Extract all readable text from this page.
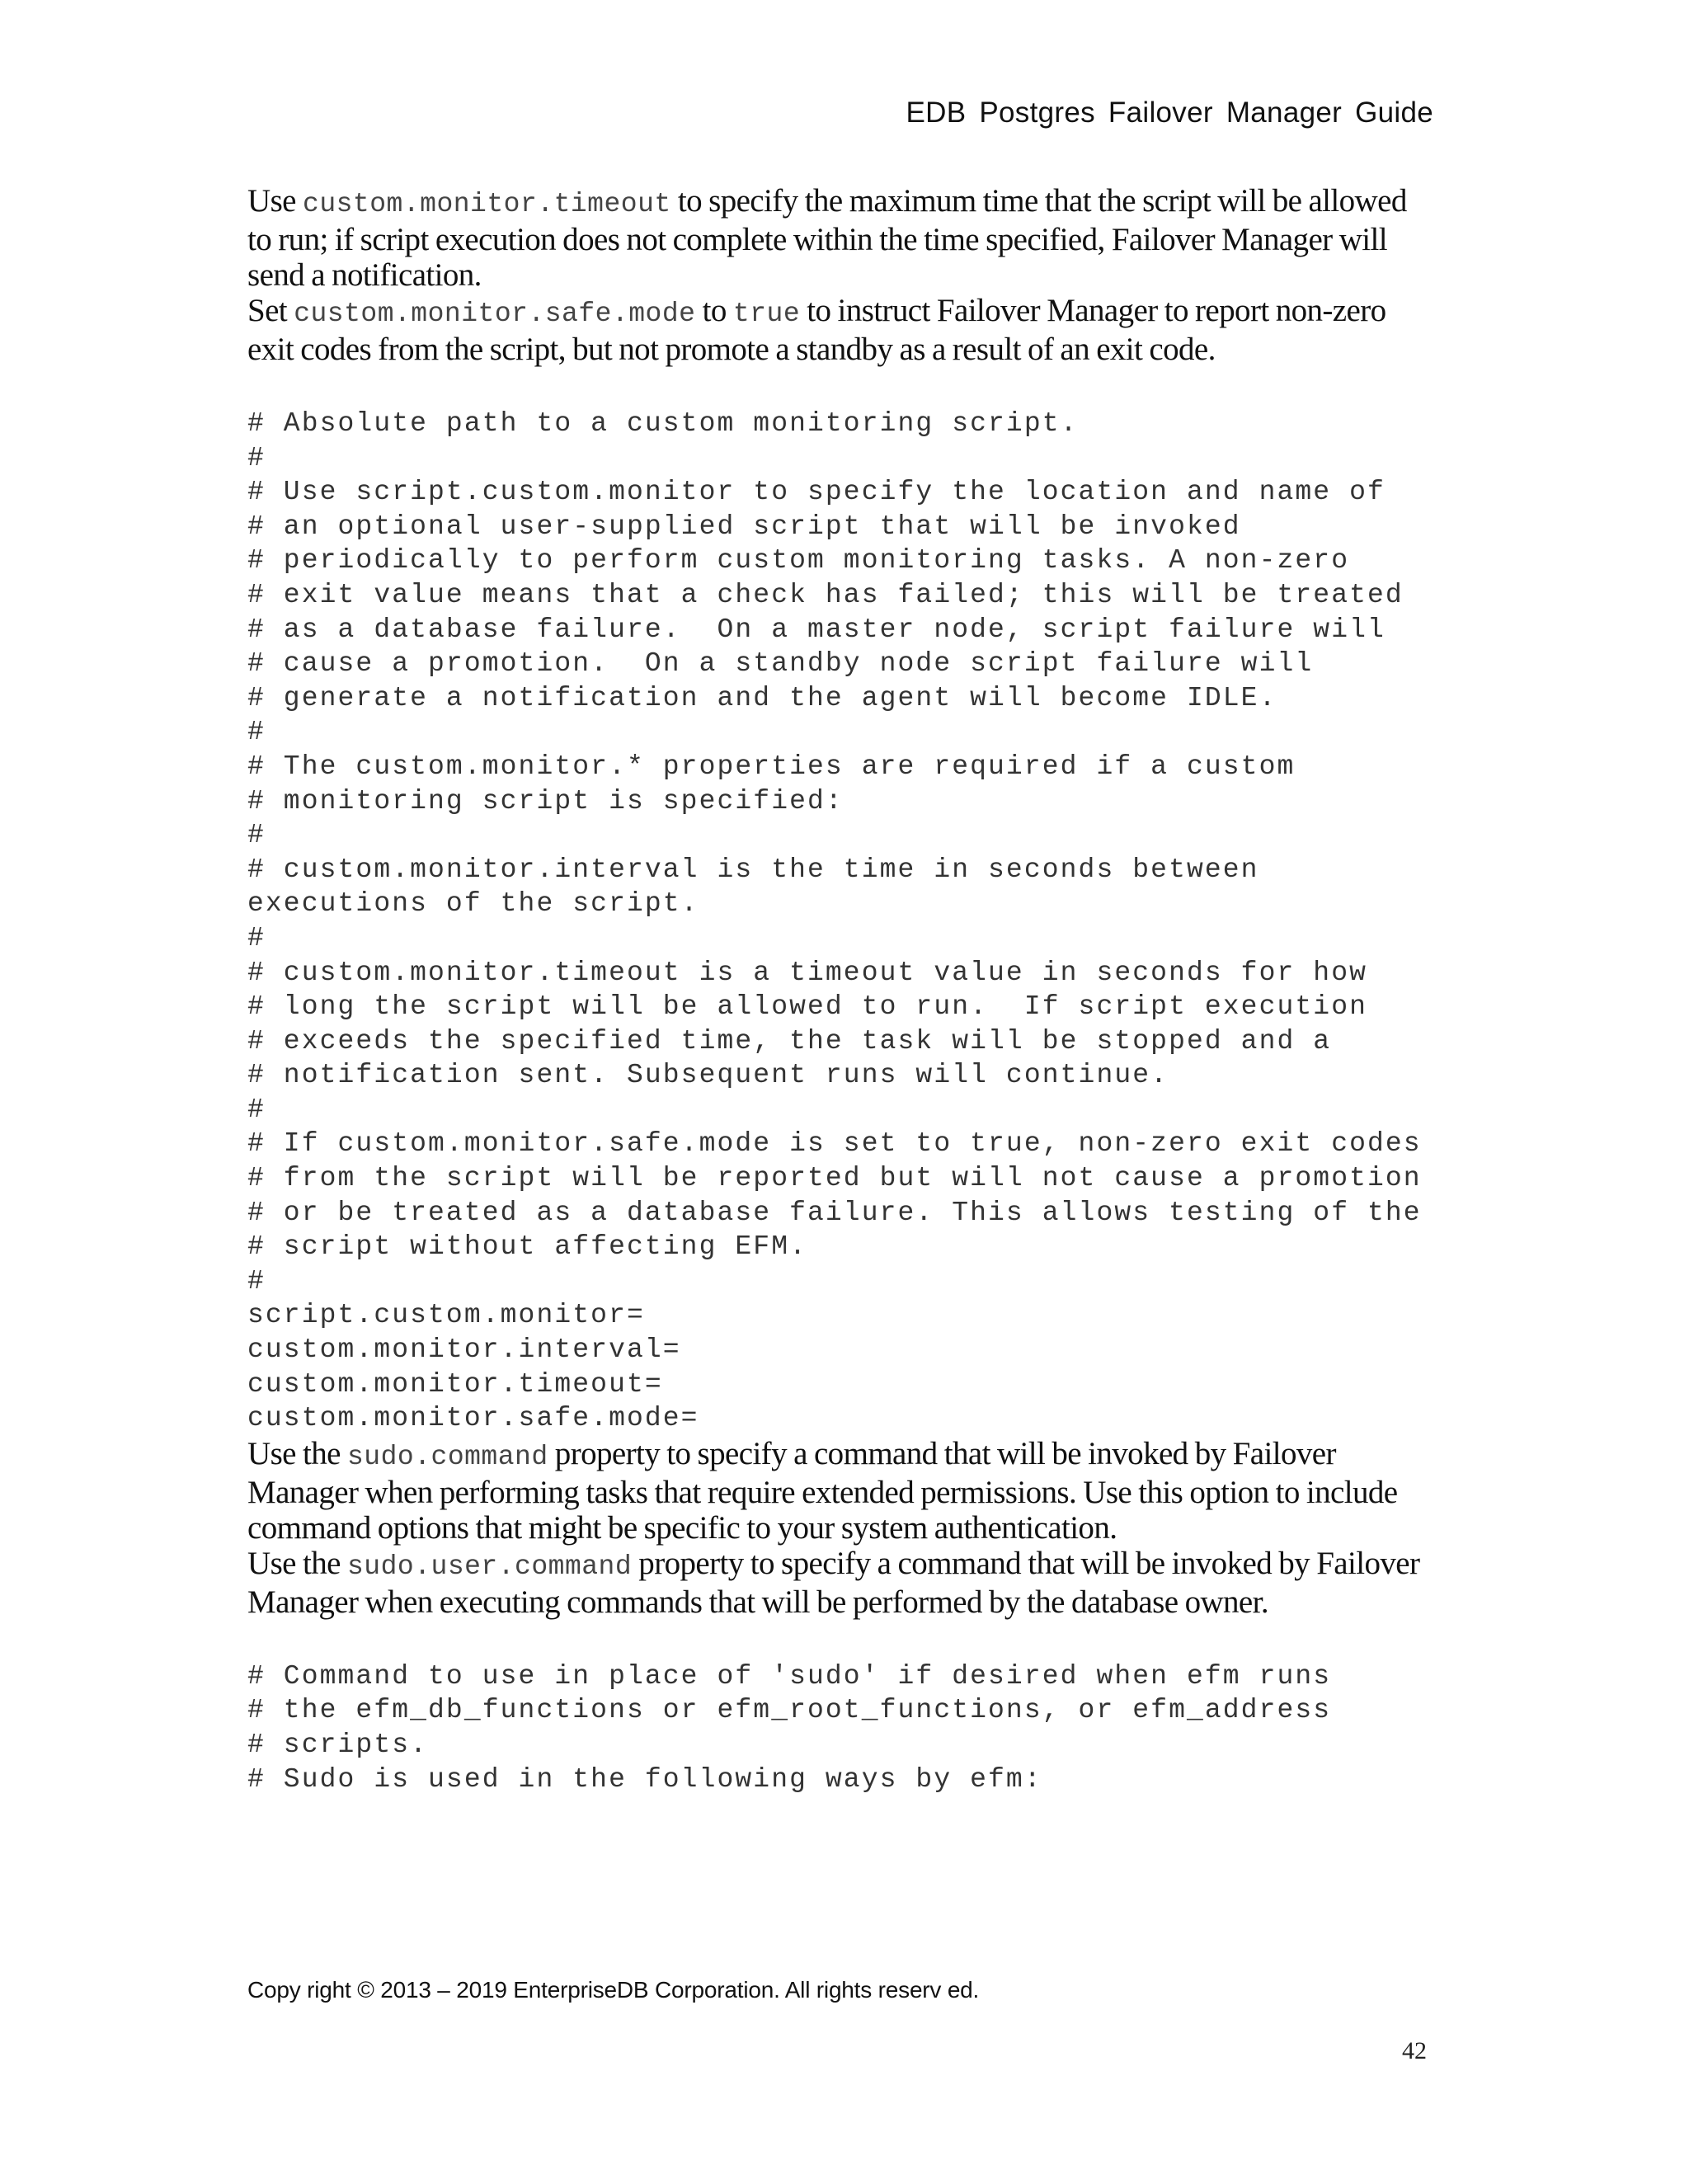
EDB Postgres Failover Manager Guide

Use custom.monitor.timeout to specify the maximum time that the script will be allowed to run; if script execution does not complete within the time specified, Failover Manager will send a notification.

Set custom.monitor.safe.mode to true to instruct Failover Manager to report non-zero exit codes from the script, but not promote a standby as a result of an exit code.

# Absolute path to a custom monitoring script.
#
# Use script.custom.monitor to specify the location and name of
# an optional user-supplied script that will be invoked
# periodically to perform custom monitoring tasks. A non-zero
# exit value means that a check has failed; this will be treated
# as a database failure.  On a master node, script failure will
# cause a promotion.  On a standby node script failure will
# generate a notification and the agent will become IDLE.
#
# The custom.monitor.* properties are required if a custom
# monitoring script is specified:
#
# custom.monitor.interval is the time in seconds between
executions of the script.
#
# custom.monitor.timeout is a timeout value in seconds for how
# long the script will be allowed to run.  If script execution
# exceeds the specified time, the task will be stopped and a
# notification sent. Subsequent runs will continue.
#
# If custom.monitor.safe.mode is set to true, non-zero exit codes
# from the script will be reported but will not cause a promotion
# or be treated as a database failure. This allows testing of the
# script without affecting EFM.
#
script.custom.monitor=
custom.monitor.interval=
custom.monitor.timeout=
custom.monitor.safe.mode=

Use the sudo.command property to specify a command that will be invoked by Failover Manager when performing tasks that require extended permissions. Use this option to include command options that might be specific to your system authentication.

Use the sudo.user.command property to specify a command that will be invoked by Failover Manager when executing commands that will be performed by the database owner.

# Command to use in place of 'sudo' if desired when efm runs
# the efm_db_functions or efm_root_functions, or efm_address
# scripts.
# Sudo is used in the following ways by efm:
Copy right © 2013 – 2019 EnterpriseDB Corporation. All rights reserv ed.
42
